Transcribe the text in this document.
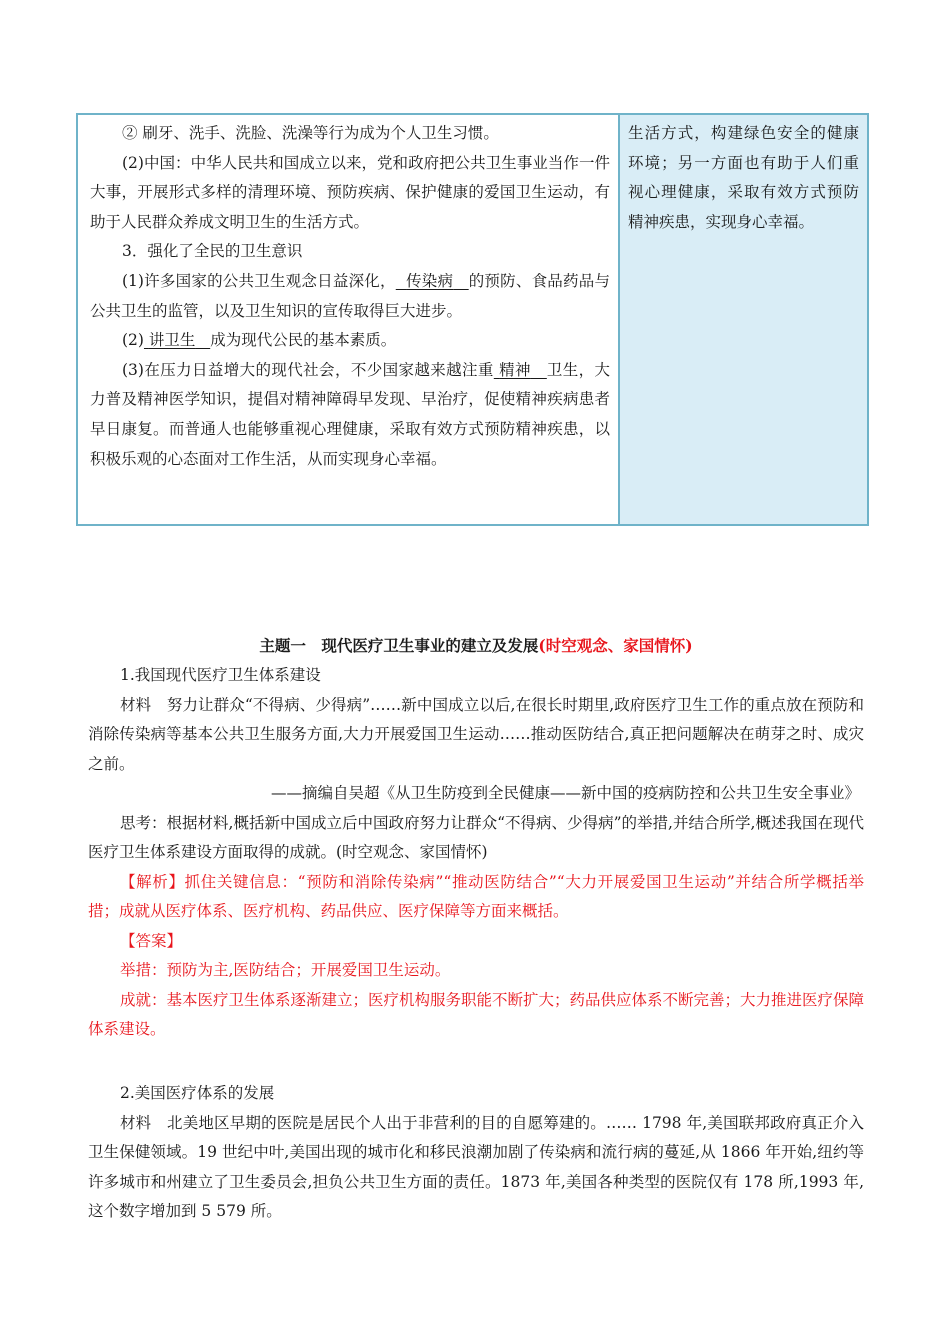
② 刷牙、洗手、洗脸、洗澡等行为成为个人卫生习惯。

(2)中国：中华人民共和国成立以来，党和政府把公共卫生事业当作一件大事，开展形式多样的清理环境、预防疾病、保护健康的爱国卫生运动，有助于人民群众养成文明卫生的生活方式。

3．强化了全民的卫生意识

(1)许多国家的公共卫生观念日益深化， 传染病 的预防、食品药品与公共卫生的监管，以及卫生知识的宣传取得巨大进步。

(2) 讲卫生 成为现代公民的基本素质。

(3)在压力日益增大的现代社会，不少国家越来越注重 精神 卫生，大力普及精神医学知识，提倡对精神障碍早发现、早治疗，促使精神疾病患者早日康复。而普通人也能够重视心理健康，采取有效方式预防精神疾患，以积极乐观的心态面对工作生活，从而实现身心幸福。

生活方式，构建绿色安全的健康环境；另一方面也有助于人们重视心理健康，采取有效方式预防精神疾患，实现身心幸福。

主题一　现代医疗卫生事业的建立及发展(时空观念、家国情怀)

1.我国现代医疗卫生体系建设

材料　努力让群众“不得病、少得病”……新中国成立以后,在很长时期里,政府医疗卫生工作的重点放在预防和消除传染病等基本公共卫生服务方面,大力开展爱国卫生运动……推动医防结合,真正把问题解决在萌芽之时、成灾之前。

——摘编自吴超《从卫生防疫到全民健康——新中国的疫病防控和公共卫生安全事业》

思考：根据材料,概括新中国成立后中国政府努力让群众“不得病、少得病”的举措,并结合所学,概述我国在现代医疗卫生体系建设方面取得的成就。(时空观念、家国情怀)

【解析】抓住关键信息：“预防和消除传染病”“推动医防结合”“大力开展爱国卫生运动”并结合所学概括举措；成就从医疗体系、医疗机构、药品供应、医疗保障等方面来概括。

【答案】

举措：预防为主,医防结合；开展爱国卫生运动。

成就：基本医疗卫生体系逐渐建立；医疗机构服务职能不断扩大；药品供应体系不断完善；大力推进医疗保障体系建设。

2.美国医疗体系的发展

材料　北美地区早期的医院是居民个人出于非营利的目的自愿筹建的。…… 1798 年,美国联邦政府真正介入卫生保健领域。19 世纪中叶,美国出现的城市化和移民浪潮加剧了传染病和流行病的蔓延,从 1866 年开始,纽约等许多城市和州建立了卫生委员会,担负公共卫生方面的责任。1873 年,美国各种类型的医院仅有 178 所,1993 年,这个数字增加到 5 579 所。
